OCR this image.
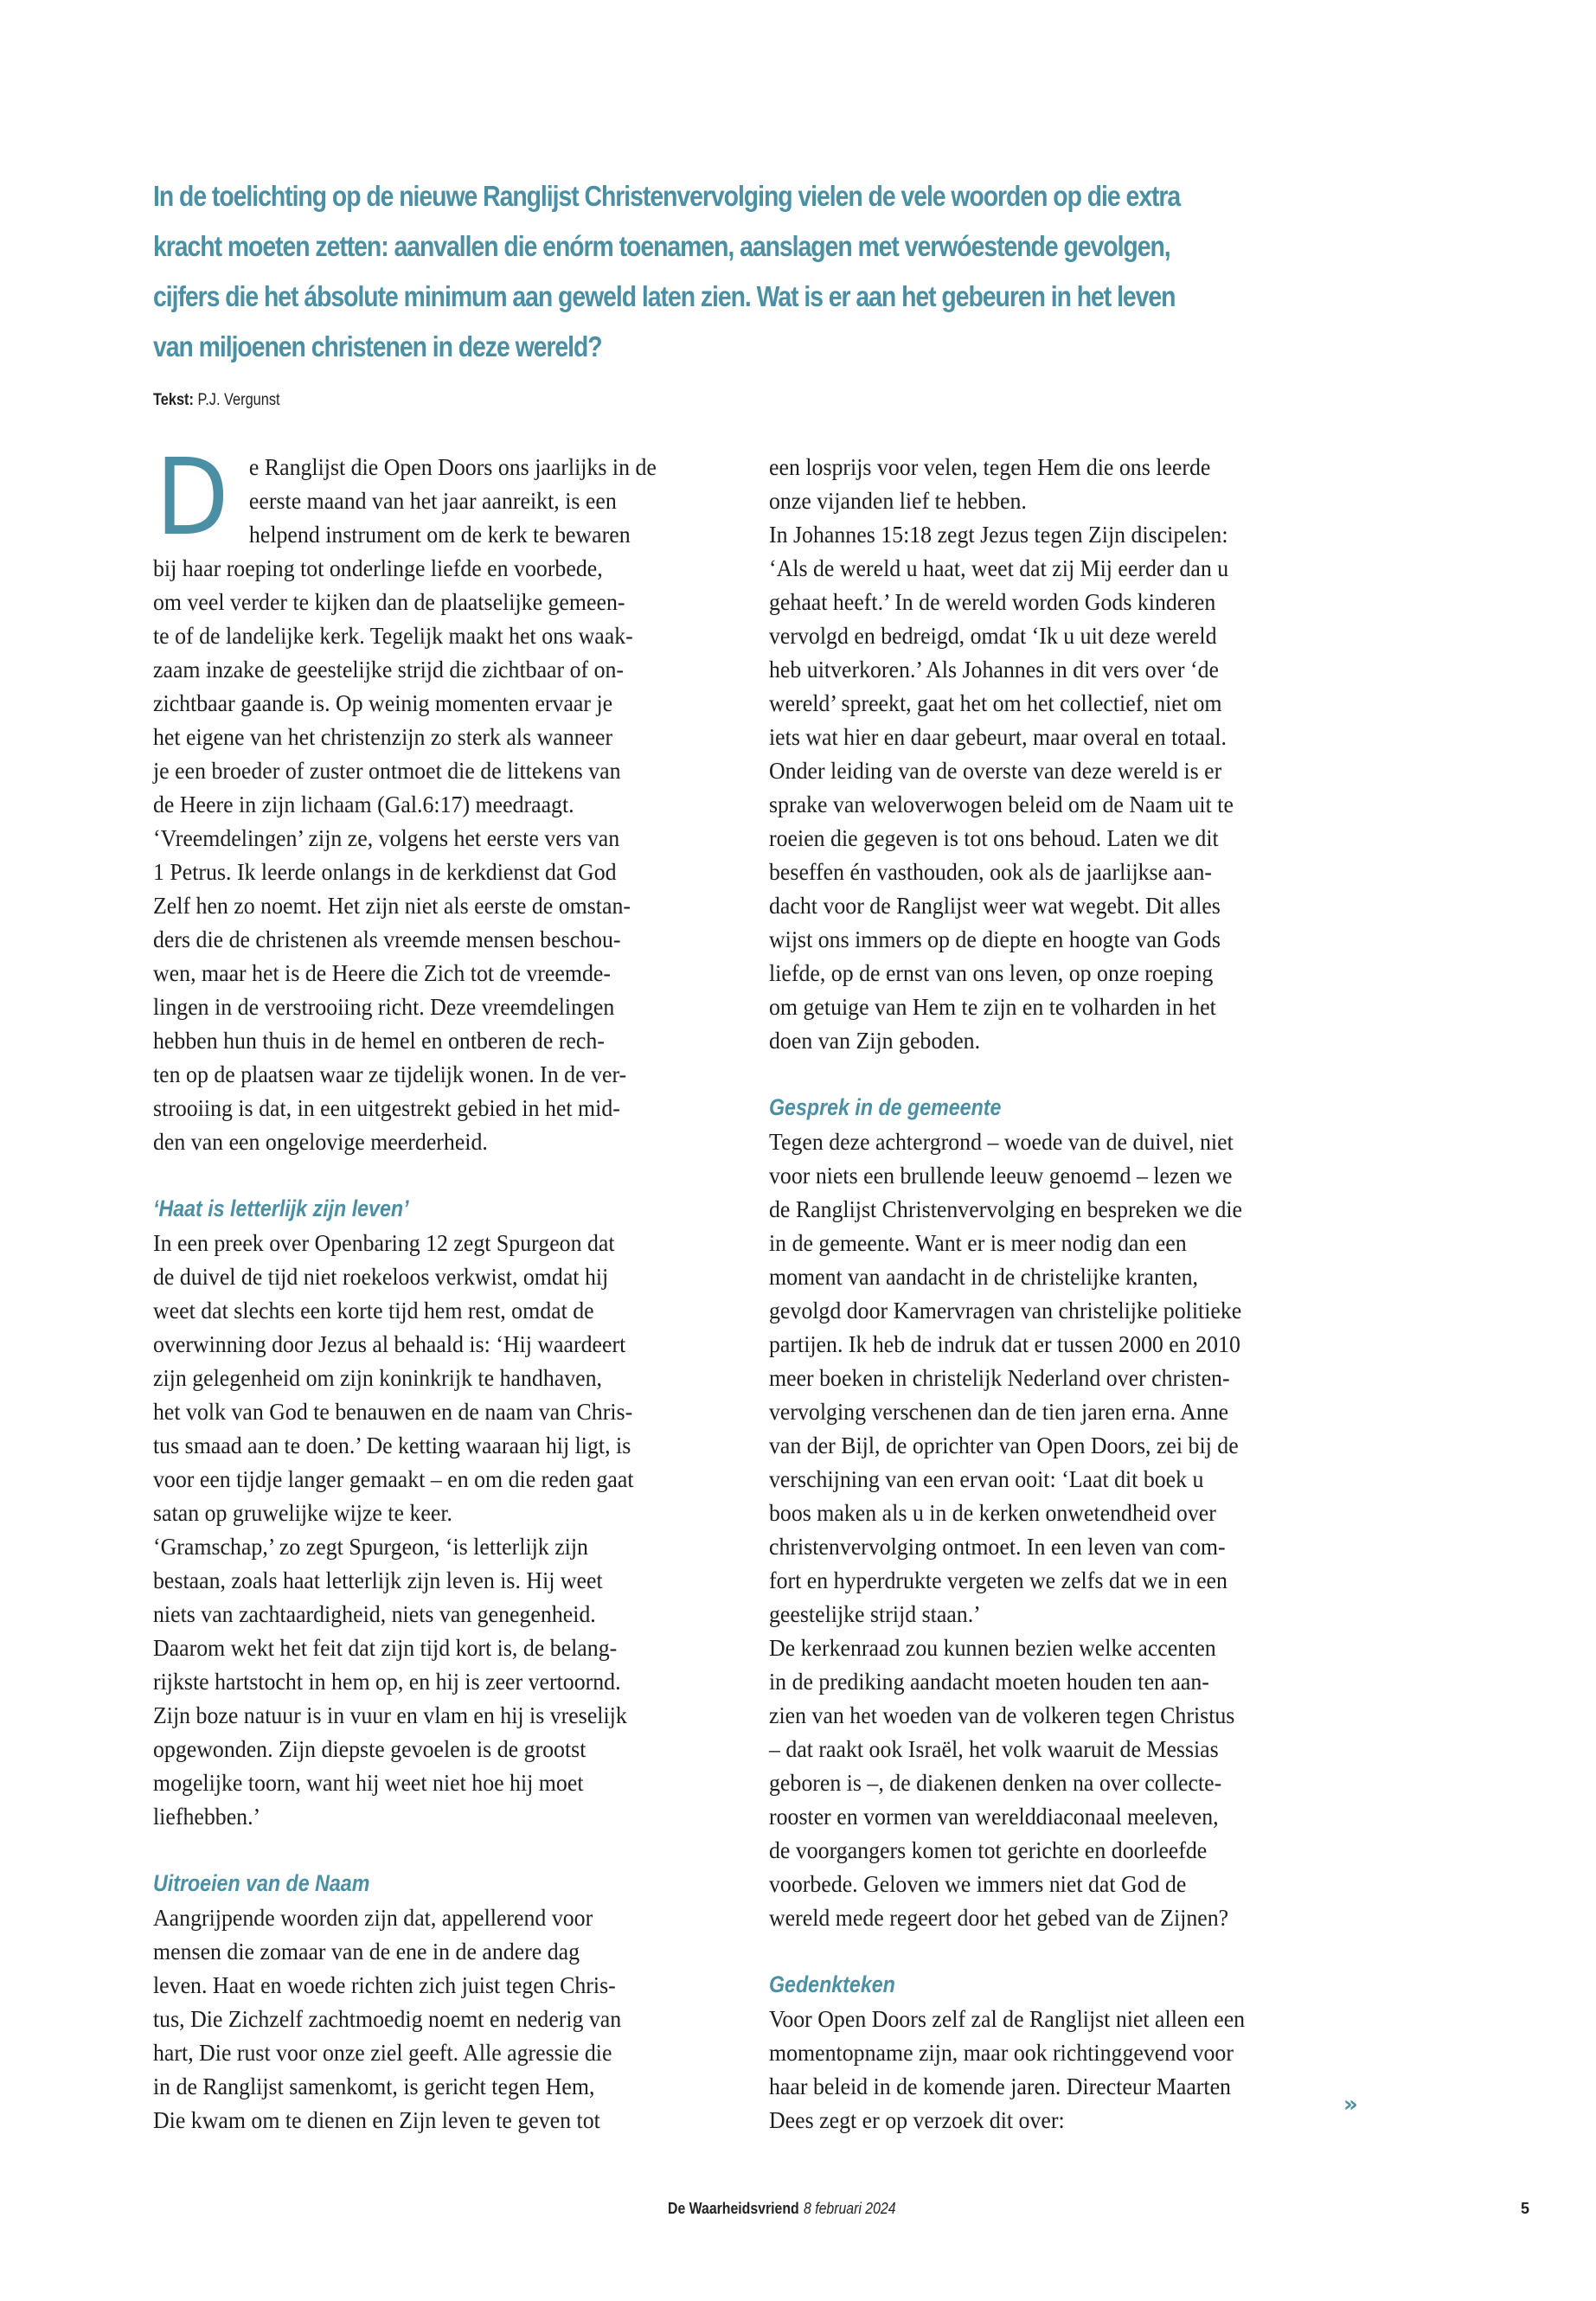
In de toelichting op de nieuwe Ranglijst Christenvervolging vielen de vele woorden op die extra
kracht moeten zetten: aanvallen die enórm toenamen, aanslagen met verwóestende gevolgen,
cijfers die het ábsolute minimum aan geweld laten zien. Wat is er aan het gebeuren in het leven
van miljoenen christenen in deze wereld?
Tekst: P.J. Vergunst
D e Ranglijst die Open Doors ons jaarlijks in de
eerste maand van het jaar aanreikt, is een
helpend instrument om de kerk te bewaren
bij haar roeping tot onderlinge liefde en voorbede,
om veel verder te kijken dan de plaatselijke gemeen-
te of de landelijke kerk. Tegelijk maakt het ons waak-
zaam inzake de geestelijke strijd die zichtbaar of on-
zichtbaar gaande is. Op weinig momenten ervaar je
het eigene van het christenzijn zo sterk als wanneer
je een broeder of zuster ontmoet die de littekens van
de Heere in zijn lichaam (Gal.6:17) meedraagt.
‘Vreemdelingen’ zijn ze, volgens het eerste vers van
1 Petrus. Ik leerde onlangs in de kerkdienst dat God
Zelf hen zo noemt. Het zijn niet als eerste de omstan-
ders die de christenen als vreemde mensen beschou-
wen, maar het is de Heere die Zich tot de vreemde-
lingen in de verstrooiing richt. Deze vreemdelingen
hebben hun thuis in de hemel en ontberen de rech-
ten op de plaatsen waar ze tijdelijk wonen. In de ver-
strooiing is dat, in een uitgestrekt gebied in het mid-
den van een ongelovige meerderheid.
‘Haat is letterlijk zijn leven’
In een preek over Openbaring 12 zegt Spurgeon dat
de duivel de tijd niet roekeloos verkwist, omdat hij
weet dat slechts een korte tijd hem rest, omdat de
overwinning door Jezus al behaald is: ‘Hij waardeert
zijn gelegenheid om zijn koninkrijk te handhaven,
het volk van God te benauwen en de naam van Chris-
tus smaad aan te doen.’ De ketting waaraan hij ligt, is
voor een tijdje langer gemaakt – en om die reden gaat
satan op gruwelijke wijze te keer.
‘Gramschap,’ zo zegt Spurgeon, ‘is letterlijk zijn
bestaan, zoals haat letterlijk zijn leven is. Hij weet
niets van zachtaardigheid, niets van genegenheid.
Daarom wekt het feit dat zijn tijd kort is, de belang-
rijkste hartstocht in hem op, en hij is zeer vertoornd.
Zijn boze natuur is in vuur en vlam en hij is vreselijk
opgewonden. Zijn diepste gevoelen is de grootst
mogelijke toorn, want hij weet niet hoe hij moet
liefhebben.’
Uitroeien van de Naam
Aangrijpende woorden zijn dat, appellerend voor
mensen die zomaar van de ene in de andere dag
leven. Haat en woede richten zich juist tegen Chris-
tus, Die Zichzelf zachtmoedig noemt en nederig van
hart, Die rust voor onze ziel geeft. Alle agressie die
in de Ranglijst samenkomt, is gericht tegen Hem,
Die kwam om te dienen en Zijn leven te geven tot
een losprijs voor velen, tegen Hem die ons leerde
onze vijanden lief te hebben.
In Johannes 15:18 zegt Jezus tegen Zijn discipelen:
‘Als de wereld u haat, weet dat zij Mij eerder dan u
gehaat heeft.’ In de wereld worden Gods kinderen
vervolgd en bedreigd, omdat ‘Ik u uit deze wereld
heb uitverkoren.’ Als Johannes in dit vers over ‘de
wereld’ spreekt, gaat het om het collectief, niet om
iets wat hier en daar gebeurt, maar overal en totaal.
Onder leiding van de overste van deze wereld is er
sprake van weloverwogen beleid om de Naam uit te
roeien die gegeven is tot ons behoud. Laten we dit
beseffen én vasthouden, ook als de jaarlijkse aan-
dacht voor de Ranglijst weer wat wegebt. Dit alles
wijst ons immers op de diepte en hoogte van Gods
liefde, op de ernst van ons leven, op onze roeping
om getuige van Hem te zijn en te volharden in het
doen van Zijn geboden.
Gesprek in de gemeente
Tegen deze achtergrond – woede van de duivel, niet
voor niets een brullende leeuw genoemd – lezen we
de Ranglijst Christenvervolging en bespreken we die
in de gemeente. Want er is meer nodig dan een
moment van aandacht in de christelijke kranten,
gevolgd door Kamervragen van christelijke politieke
partijen. Ik heb de indruk dat er tussen 2000 en 2010
meer boeken in christelijk Nederland over christen-
vervolging verschenen dan de tien jaren erna. Anne
van der Bijl, de oprichter van Open Doors, zei bij de
verschijning van een ervan ooit: ‘Laat dit boek u
boos maken als u in de kerken onwetendheid over
christenvervolging ontmoet. In een leven van com-
fort en hyperdrukte vergeten we zelfs dat we in een
geestelijke strijd staan.’
De kerkenraad zou kunnen bezien welke accenten
in de prediking aandacht moeten houden ten aan-
zien van het woeden van de volkeren tegen Christus
– dat raakt ook Israël, het volk waaruit de Messias
geboren is –, de diakenen denken na over collecte-
rooster en vormen van werelddiaconaal meeleven,
de voorgangers komen tot gerichte en doorleefde
voorbede. Geloven we immers niet dat God de
wereld mede regeert door het gebed van de Zijnen?
Gedenkteken
Voor Open Doors zelf zal de Ranglijst niet alleen een
momentopname zijn, maar ook richtinggevend voor
haar beleid in de komende jaren. Directeur Maarten
Dees zegt er op verzoek dit over:
»
De Waarheidsvriend 8 februari 2024	5
